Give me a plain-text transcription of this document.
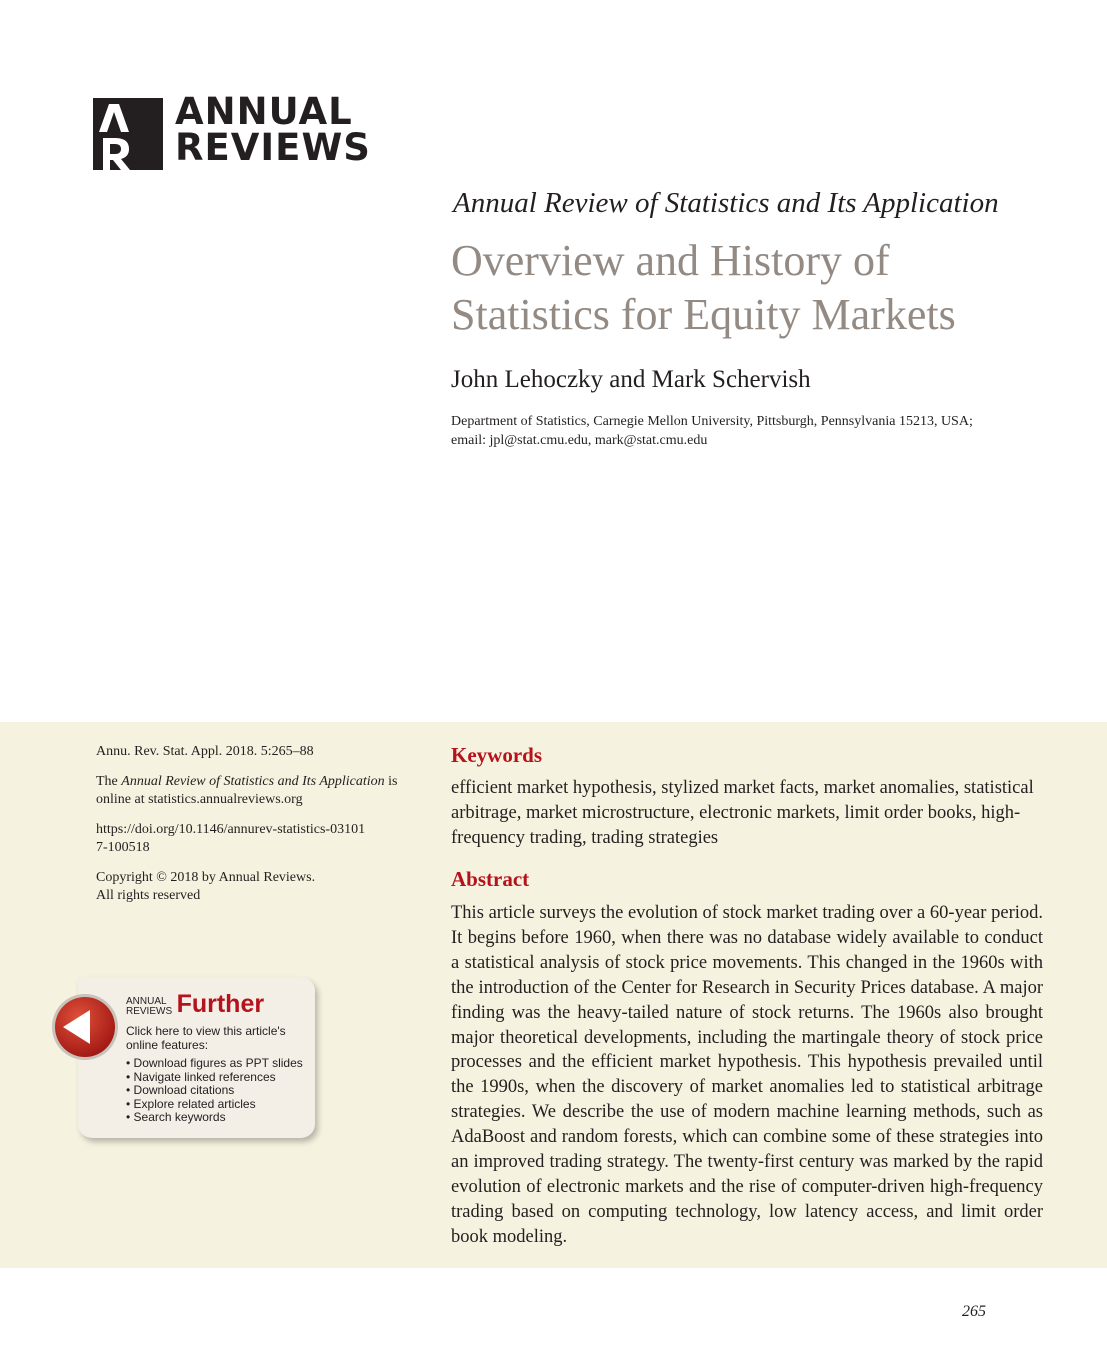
ANNUAL
REVIEWS
Annual Review of Statistics and Its Application
Overview and History of
Statistics for Equity Markets
John Lehoczky and Mark Schervish
Department of Statistics, Carnegie Mellon University, Pittsburgh, Pennsylvania 15213, USA;
email: jpl@stat.cmu.edu, mark@stat.cmu.edu

Annu. Rev. Stat. Appl. 2018. 5:265–88

The Annual Review of Statistics and Its Application is online at statistics.annualreviews.org

https://doi.org/10.1146/annurev-statistics-031017-100518

Copyright © 2018 by Annual Reviews.
All rights reserved

ANNUAL
REVIEWS Further
Click here to view this article's online features:
• Download figures as PPT slides
• Navigate linked references
• Download citations
• Explore related articles
• Search keywords
Keywords
efficient market hypothesis, stylized market facts, market anomalies, statistical arbitrage, market microstructure, electronic markets, limit order books, high-frequency trading, trading strategies
Abstract
This article surveys the evolution of stock market trading over a 60-year period. It begins before 1960, when there was no database widely available to conduct a statistical analysis of stock price movements. This changed in the 1960s with the introduction of the Center for Research in Security Prices database. A major finding was the heavy-tailed nature of stock returns. The 1960s also brought major theoretical developments, including the martingale theory of stock price processes and the efficient market hypothesis. This hypothesis prevailed until the 1990s, when the discovery of market anomalies led to statistical arbitrage strategies. We describe the use of modern machine learning methods, such as AdaBoost and random forests, which can combine some of these strategies into an improved trading strategy. The twenty-first century was marked by the rapid evolution of electronic markets and the rise of computer-driven high-frequency trading based on computing technology, low latency access, and limit order book modeling.
265
